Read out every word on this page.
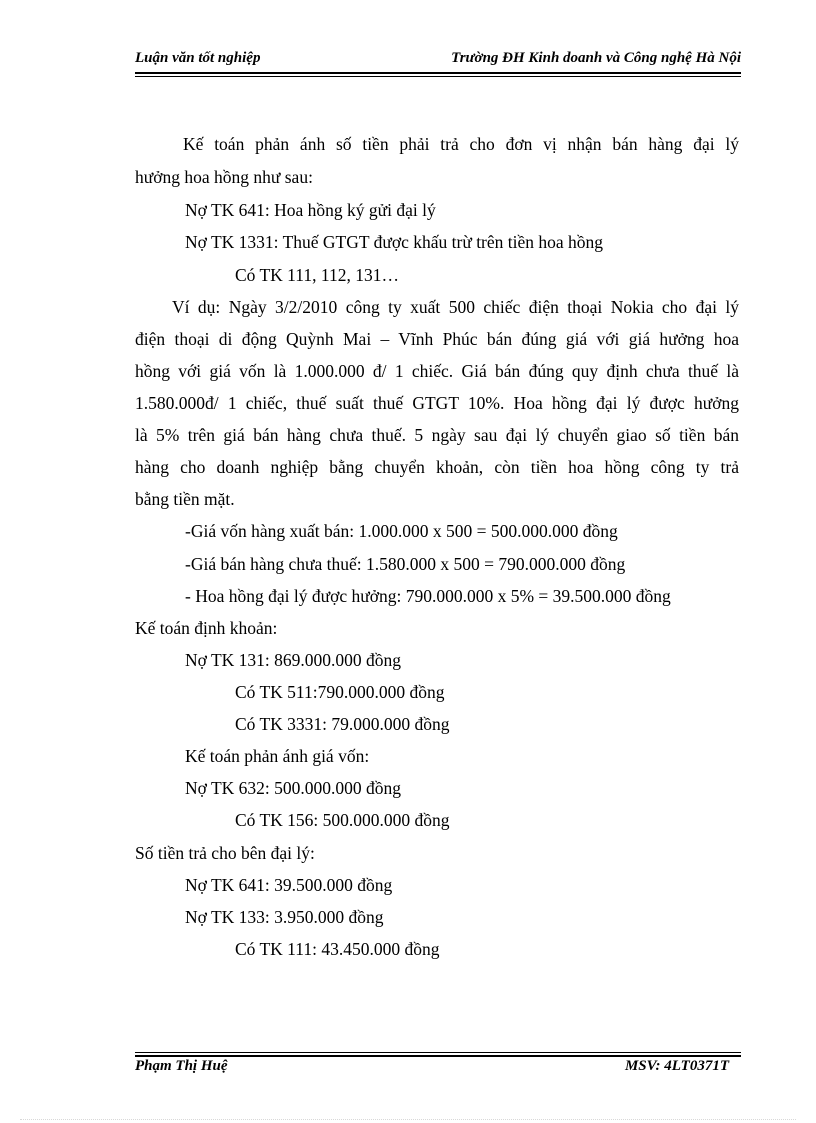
Luận văn tốt nghiệp	Trường ĐH Kinh doanh và Công nghệ Hà Nội
Kế toán phản ánh số tiền phải trả cho đơn vị nhận bán hàng đại lý
hưởng hoa hồng như sau:
Nợ TK 641: Hoa hồng ký gửi đại lý
Nợ TK 1331: Thuế GTGT được khấu trừ trên tiền hoa hồng
Có TK 111, 112, 131…
Ví dụ: Ngày 3/2/2010 công ty xuất 500 chiếc điện thoại Nokia cho đại lý
điện thoại di động Quỳnh Mai – Vĩnh Phúc bán đúng giá với giá hưởng hoa
hồng với giá vốn là 1.000.000 đ/ 1 chiếc. Giá bán đúng quy định chưa thuế là
1.580.000đ/ 1 chiếc, thuế suất thuế GTGT 10%. Hoa hồng đại lý được hưởng
là 5% trên giá bán hàng chưa thuế. 5 ngày sau đại lý chuyển giao số tiền bán
hàng cho doanh nghiệp bằng chuyển khoản, còn tiền hoa hồng công ty trả
bằng tiền mặt.
-Giá vốn hàng xuất bán: 1.000.000 x 500 = 500.000.000 đồng
-Giá bán hàng chưa thuế: 1.580.000 x 500 = 790.000.000 đồng
- Hoa hồng đại lý được hưởng: 790.000.000 x 5% = 39.500.000 đồng
Kế toán định khoản:
Nợ TK 131: 869.000.000 đồng
Có TK 511:790.000.000 đồng
Có TK 3331: 79.000.000 đồng
Kế toán phản ánh giá vốn:
Nợ TK 632: 500.000.000 đồng
Có TK 156: 500.000.000 đồng
Số tiền trả cho bên đại lý:
Nợ TK 641: 39.500.000 đồng
Nợ TK 133: 3.950.000 đồng
Có TK 111: 43.450.000 đồng
Phạm Thị Huệ	MSV: 4LT0371T
